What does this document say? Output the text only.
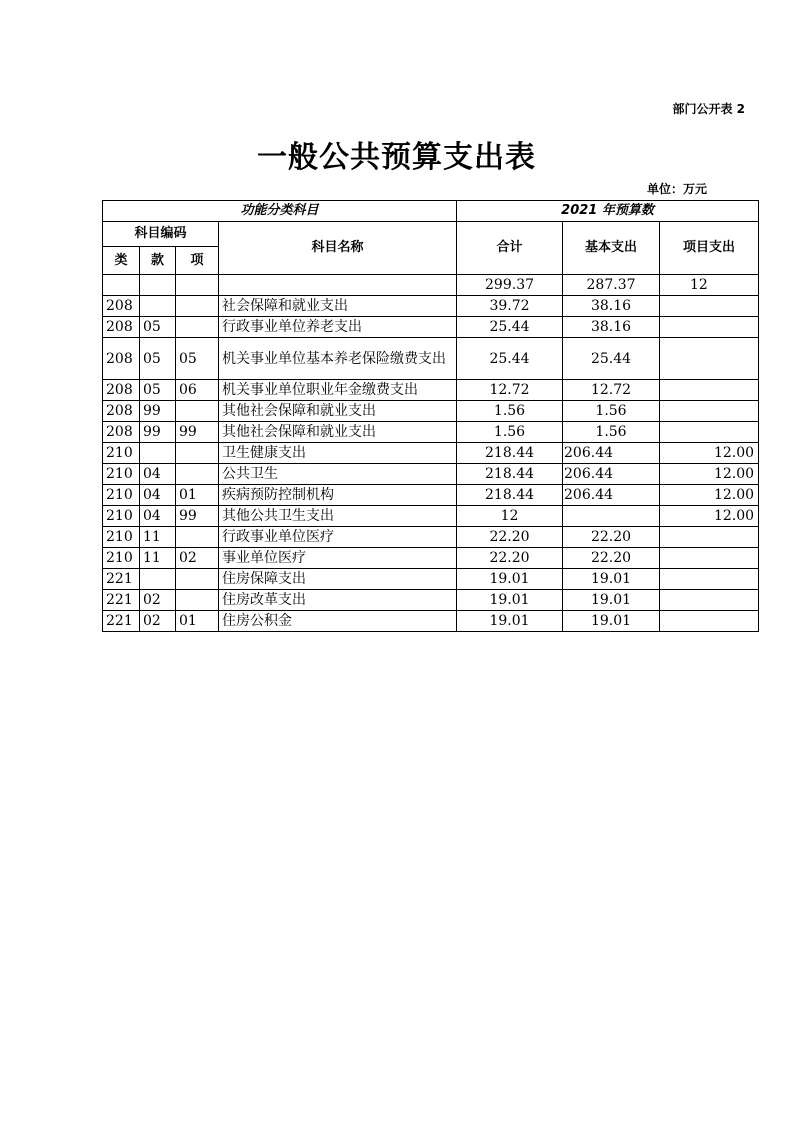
部门公开表 2
一般公共预算支出表
单位：万元
功能分类科目				2021 年预算数		
科目编码			科目名称	合计	基本支出	项目支出
类	款	项				
				299.37	287.37	12
208			社会保障和就业支出	39.72	38.16	
208	05		行政事业单位养老支出	25.44	38.16	
208	05	05	机关事业单位基本养老保险缴费支出	25.44	25.44	
208	05	06	机关事业单位职业年金缴费支出	12.72	12.72	
208	99		其他社会保障和就业支出	1.56	1.56	
208	99	99	其他社会保障和就业支出	1.56	1.56	
210			卫生健康支出	218.44	206.44	12.00
210	04		公共卫生	218.44	206.44	12.00
210	04	01	疾病预防控制机构	218.44	206.44	12.00
210	04	99	其他公共卫生支出	12		12.00
210	11		行政事业单位医疗	22.20	22.20	
210	11	02	事业单位医疗	22.20	22.20	
221			住房保障支出	19.01	19.01	
221	02		住房改革支出	19.01	19.01	
221	02	01	住房公积金	19.01	19.01	
